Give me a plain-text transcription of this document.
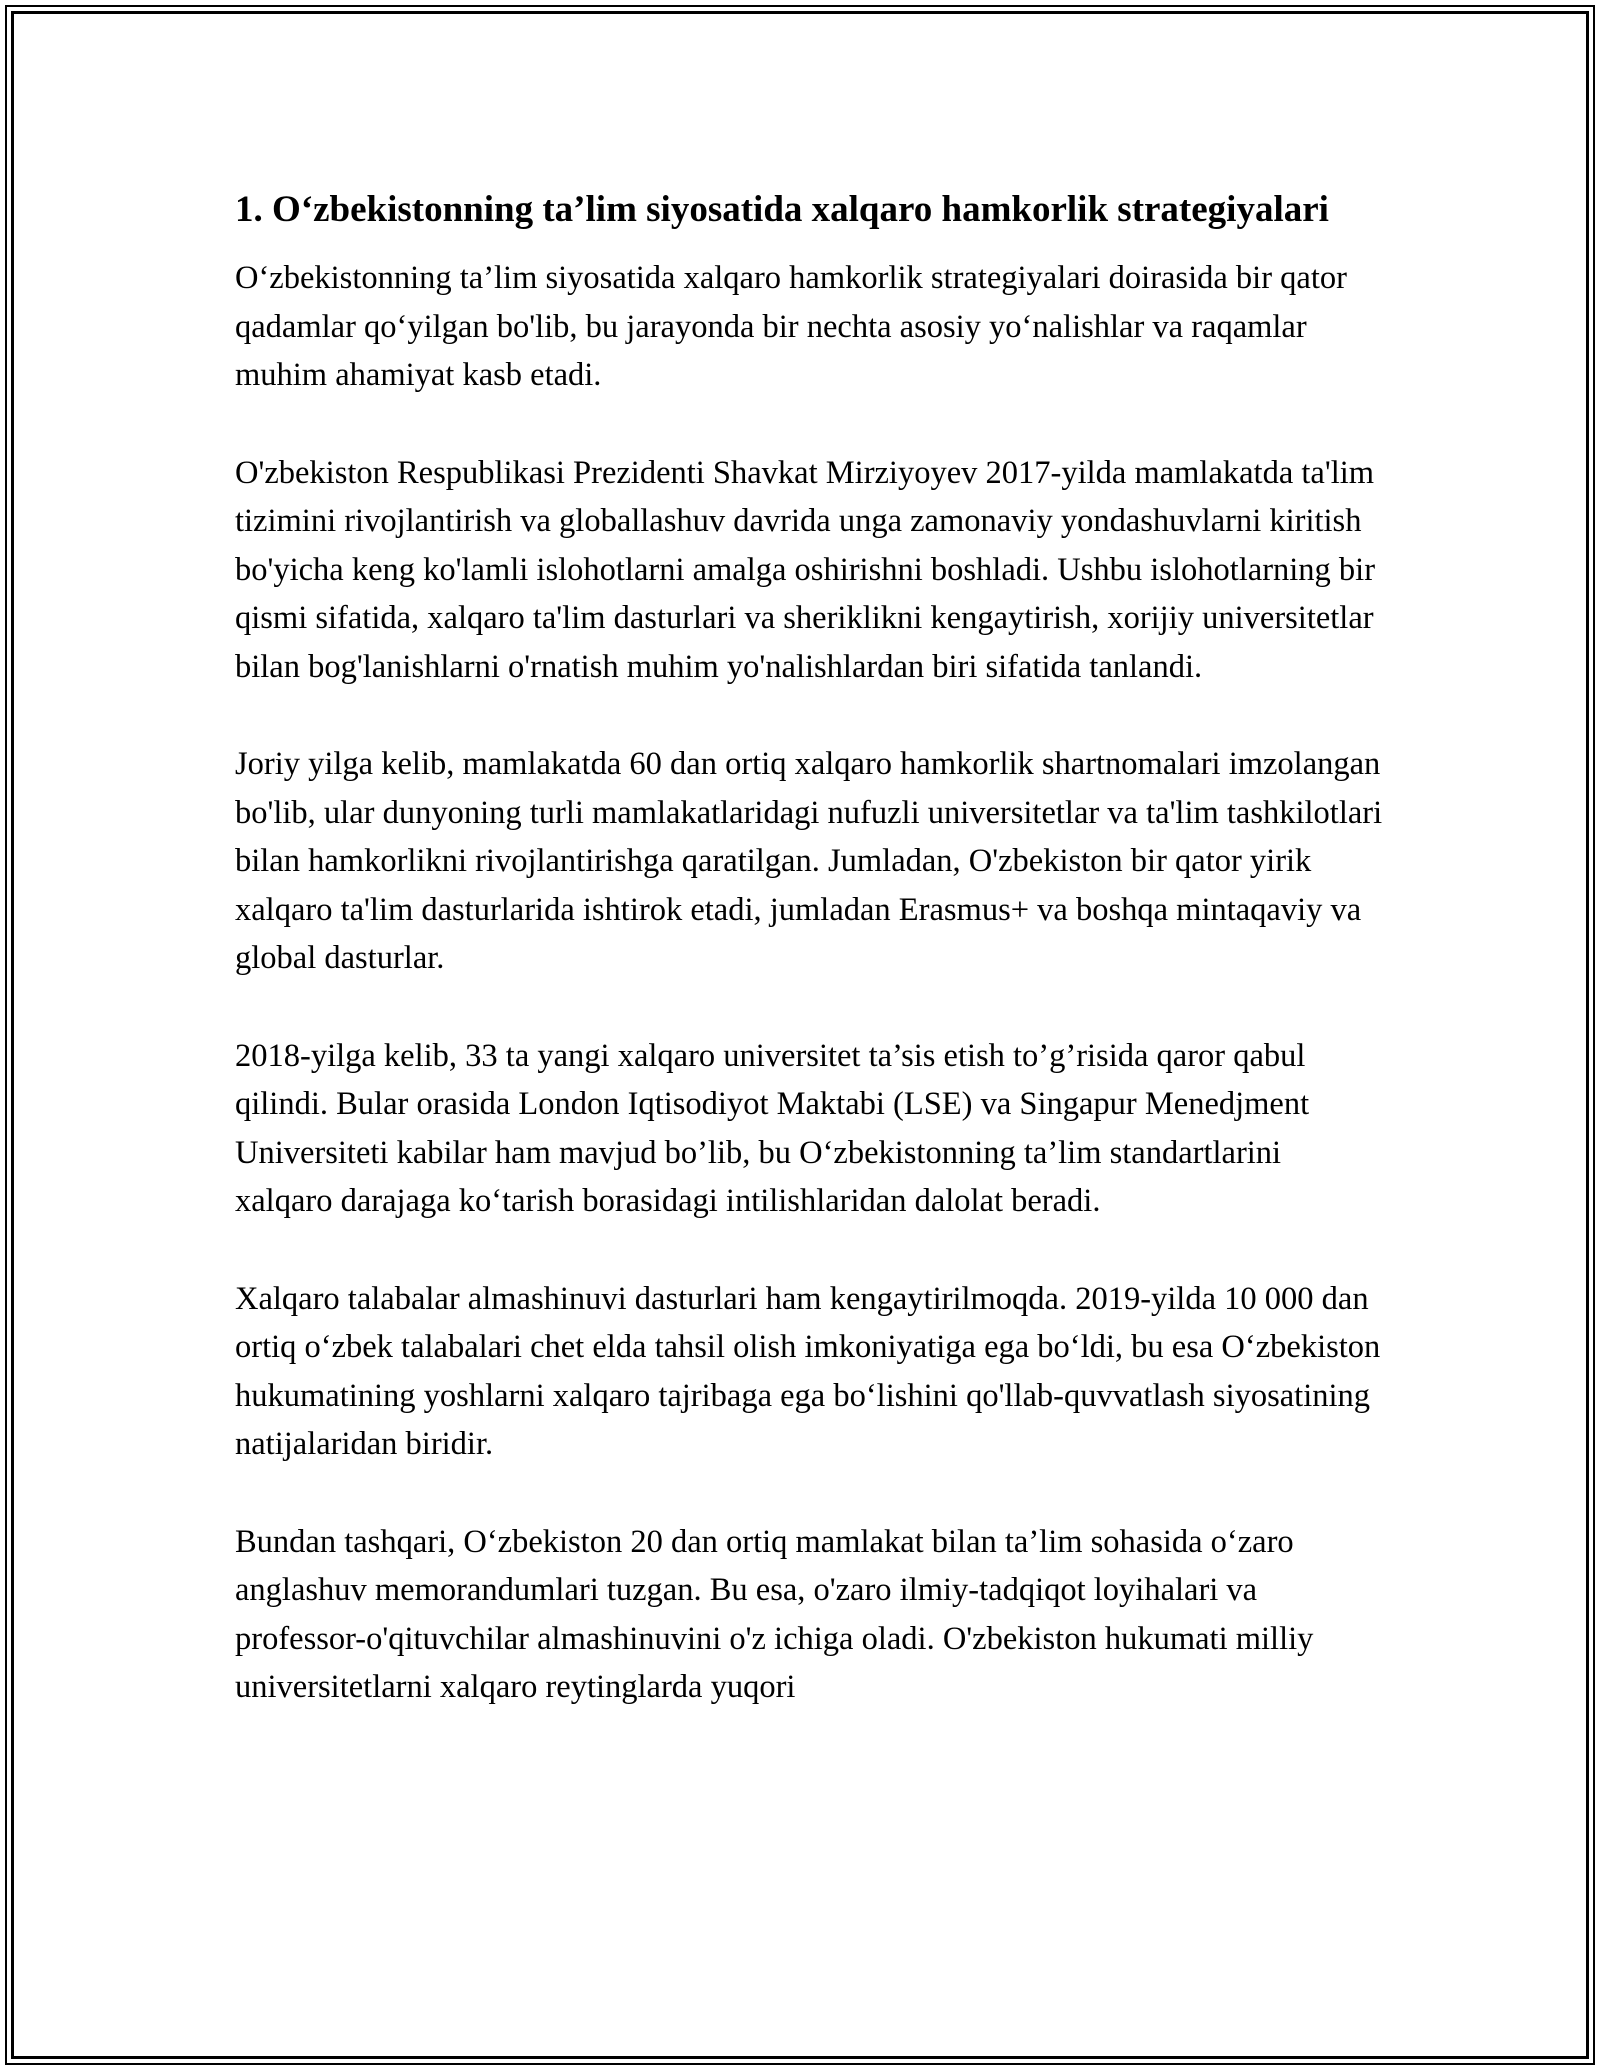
1. O‘zbekistonning ta’lim siyosatida xalqaro hamkorlik strategiyalari

O‘zbekistonning ta’lim siyosatida xalqaro hamkorlik strategiyalari doirasida bir qator qadamlar qo‘yilgan bo'lib, bu jarayonda bir nechta asosiy yo‘nalishlar va raqamlar muhim ahamiyat kasb etadi.

O'zbekiston Respublikasi Prezidenti Shavkat Mirziyoyev 2017-yilda mamlakatda ta'lim tizimini rivojlantirish va globallashuv davrida unga zamonaviy yondashuvlarni kiritish bo'yicha keng ko'lamli islohotlarni amalga oshirishni boshladi. Ushbu islohotlarning bir qismi sifatida, xalqaro ta'lim dasturlari va sheriklikni kengaytirish, xorijiy universitetlar bilan bog'lanishlarni o'rnatish muhim yo'nalishlardan biri sifatida tanlandi.

Joriy yilga kelib, mamlakatda 60 dan ortiq xalqaro hamkorlik shartnomalari imzolangan bo'lib, ular dunyoning turli mamlakatlaridagi nufuzli universitetlar va ta'lim tashkilotlari bilan hamkorlikni rivojlantirishga qaratilgan. Jumladan, O'zbekiston bir qator yirik xalqaro ta'lim dasturlarida ishtirok etadi, jumladan Erasmus+ va boshqa mintaqaviy va global dasturlar.

2018-yilga kelib, 33 ta yangi xalqaro universitet ta’sis etish to’g’risida qaror qabul qilindi. Bular orasida London Iqtisodiyot Maktabi (LSE) va Singapur Menedjment Universiteti kabilar ham mavjud bo’lib, bu O‘zbekistonning ta’lim standartlarini xalqaro darajaga ko‘tarish borasidagi intilishlaridan dalolat beradi.

Xalqaro talabalar almashinuvi dasturlari ham kengaytirilmoqda. 2019-yilda 10 000 dan ortiq o‘zbek talabalari chet elda tahsil olish imkoniyatiga ega bo‘ldi, bu esa O‘zbekiston hukumatining yoshlarni xalqaro tajribaga ega bo‘lishini qo'llab-quvvatlash siyosatining natijalaridan biridir.

Bundan tashqari, O‘zbekiston 20 dan ortiq mamlakat bilan ta’lim sohasida o‘zaro anglashuv memorandumlari tuzgan. Bu esa, o'zaro ilmiy-tadqiqot loyihalari va professor-o'qituvchilar almashinuvini o'z ichiga oladi. O'zbekiston hukumati milliy universitetlarni xalqaro reytinglarda yuqori
